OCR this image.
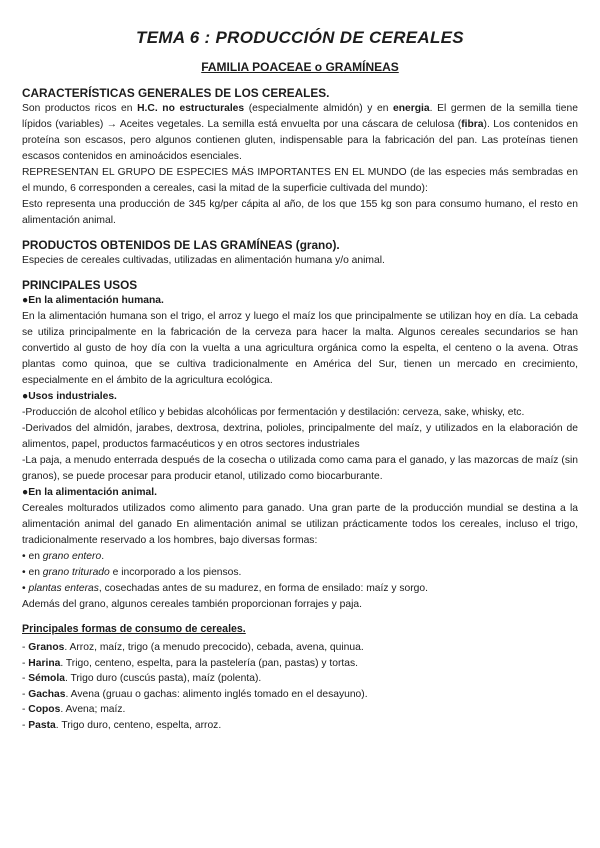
TEMA 6 : PRODUCCIÓN DE CEREALES
FAMILIA POACEAE o GRAMÍNEAS
CARACTERÍSTICAS GENERALES DE LOS CEREALES.

Son productos ricos en H.C. no estructurales (especialmente almidón) y en energia. El germen de la semilla tiene lípidos (variables) → Aceites vegetales. La semilla está envuelta por una cáscara de celulosa (fibra). Los contenidos en proteína son escasos, pero algunos contienen gluten, indispensable para la fabricación del pan. Las proteínas tienen escasos contenidos en aminoácidos esenciales.

REPRESENTAN EL GRUPO DE ESPECIES MÁS IMPORTANTES EN EL MUNDO (de las especies más sembradas en el mundo, 6 corresponden a cereales, casi la mitad de la superficie cultivada del mundo):

Esto representa una producción de 345 kg/per cápita al año, de los que 155 kg son para consumo humano, el resto en alimentación animal.

PRODUCTOS OBTENIDOS DE LAS GRAMÍNEAS (grano).

Especies de cereales cultivadas, utilizadas en alimentación humana y/o animal.

PRINCIPALES USOS
●En la alimentación humana.

En la alimentación humana son el trigo, el arroz y luego el maíz los que principalmente se utilizan hoy en día. La cebada se utiliza principalmente en la fabricación de la cerveza para hacer la malta. Algunos cereales secundarios se han convertido al gusto de hoy día con la vuelta a una agricultura orgánica como la espelta, el centeno o la avena. Otras plantas como quinoa, que se cultiva tradicionalmente en América del Sur, tienen un mercado en crecimiento, especialmente en el ámbito de la agricultura ecológica.

●Usos industriales.

-Producción de alcohol etílico y bebidas alcohólicas por fermentación y destilación: cerveza, sake, whisky, etc.

-Derivados del almidón, jarabes, dextrosa, dextrina, polioles, principalmente del maíz, y utilizados en la elaboración de alimentos, papel, productos farmacéuticos y en otros sectores industriales

-La paja, a menudo enterrada después de la cosecha o utilizada como cama para el ganado, y las mazorcas de maíz (sin granos), se puede procesar para producir etanol, utilizado como biocarburante.

●En la alimentación animal.

Cereales molturados utilizados como alimento para ganado. Una gran parte de la producción mundial se destina a la alimentación animal del ganado En alimentación animal se utilizan prácticamente todos los cereales, incluso el trigo, tradicionalmente reservado a los hombres, bajo diversas formas:

• en grano entero.
• en grano triturado e incorporado a los piensos.
• plantas enteras, cosechadas antes de su madurez, en forma de ensilado: maíz y sorgo.

Además del grano, algunos cereales también proporcionan forrajes y paja.

Principales formas de consumo de cereales.
- Granos. Arroz, maíz, trigo (a menudo precocido), cebada, avena, quinua.
- Harina. Trigo, centeno, espelta, para la pastelería (pan, pastas) y tortas.
- Sémola. Trigo duro (cuscús pasta), maíz (polenta).
- Gachas. Avena (gruau o gachas: alimento inglés tomado en el desayuno).
- Copos. Avena; maíz.
- Pasta. Trigo duro, centeno, espelta, arroz.
